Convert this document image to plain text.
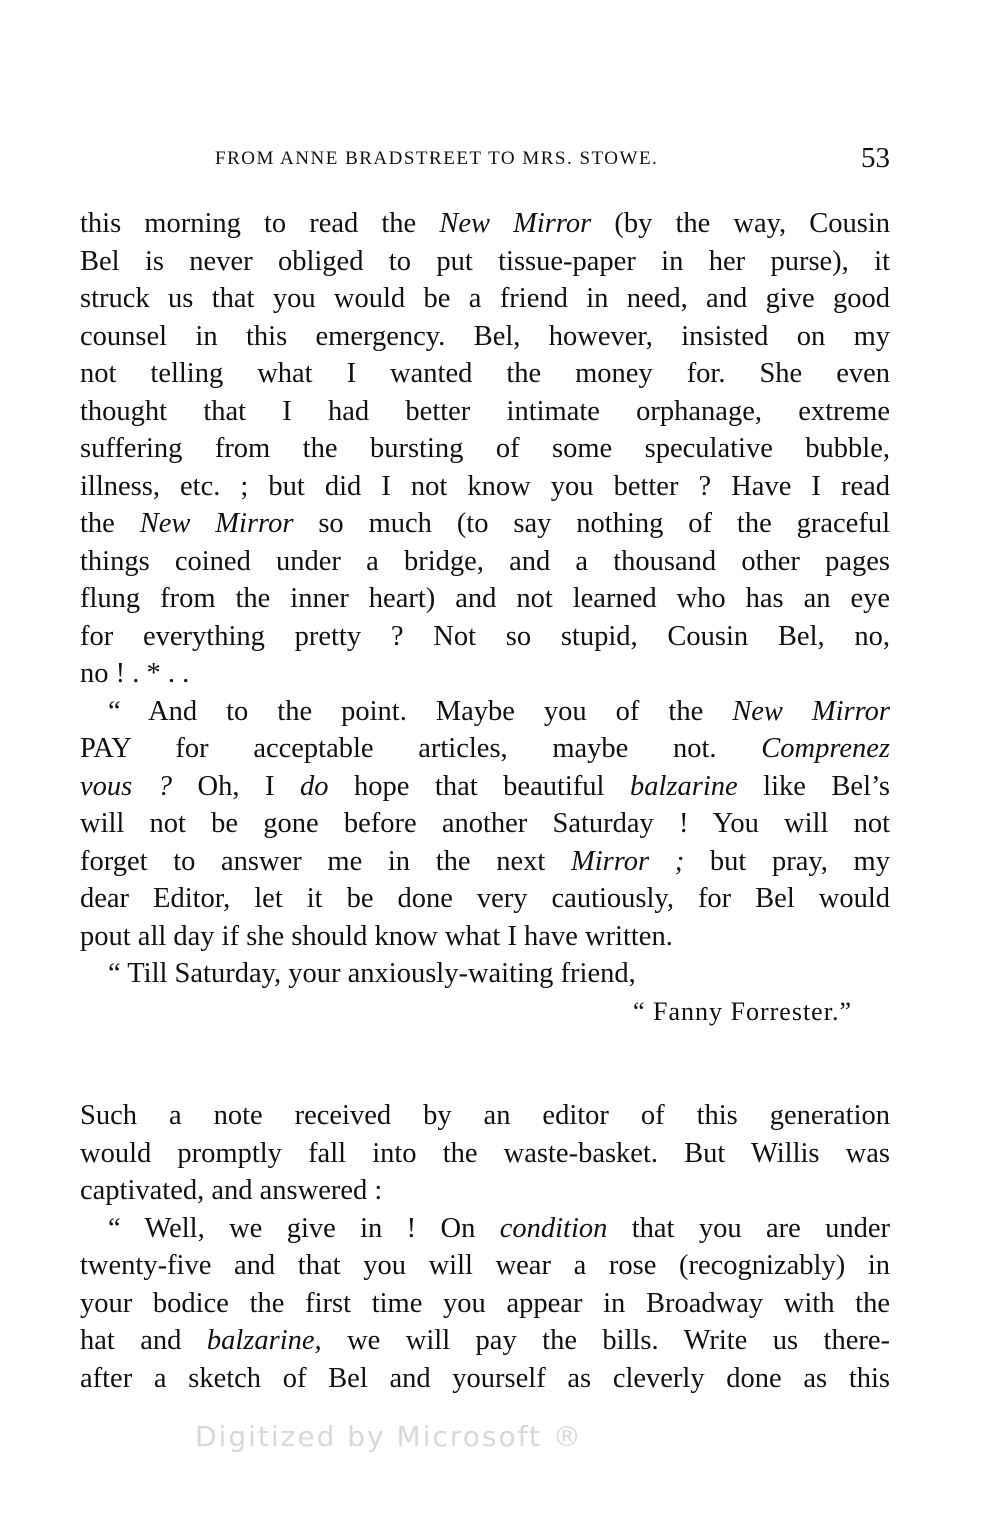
FROM ANNE BRADSTREET TO MRS. STOWE.	53
this morning to read the New Mirror (by the way, Cousin
Bel is never obliged to put tissue-paper in her purse), it
struck us that you would be a friend in need, and give good
counsel in this emergency. Bel, however, insisted on my
not telling what I wanted the money for. She even
thought that I had better intimate orphanage, extreme
suffering from the bursting of some speculative bubble,
illness, etc. ; but did I not know you better ? Have I read
the New Mirror so much (to say nothing of the graceful
things coined under a bridge, and a thousand other pages
flung from the inner heart) and not learned who has an eye
for everything pretty ? Not so stupid, Cousin Bel, no,
no ! . * . .
“ And to the point. Maybe you of the New Mirror
PAY for acceptable articles, maybe not. Comprenez
vous ? Oh, I do hope that beautiful balzarine like Bel’s
will not be gone before another Saturday ! You will not
forget to answer me in the next Mirror ; but pray, my
dear Editor, let it be done very cautiously, for Bel would
pout all day if she should know what I have written.
“ Till Saturday, your anxiously-waiting friend,
“ Fanny Forrester.”
Such a note received by an editor of this generation
would promptly fall into the waste-basket. But Willis was
captivated, and answered :
“ Well, we give in ! On condition that you are under
twenty-five and that you will wear a rose (recognizably) in
your bodice the first time you appear in Broadway with the
hat and balzarine, we will pay the bills. Write us there-
after a sketch of Bel and yourself as cleverly done as this
Digitized by Microsoft ®
